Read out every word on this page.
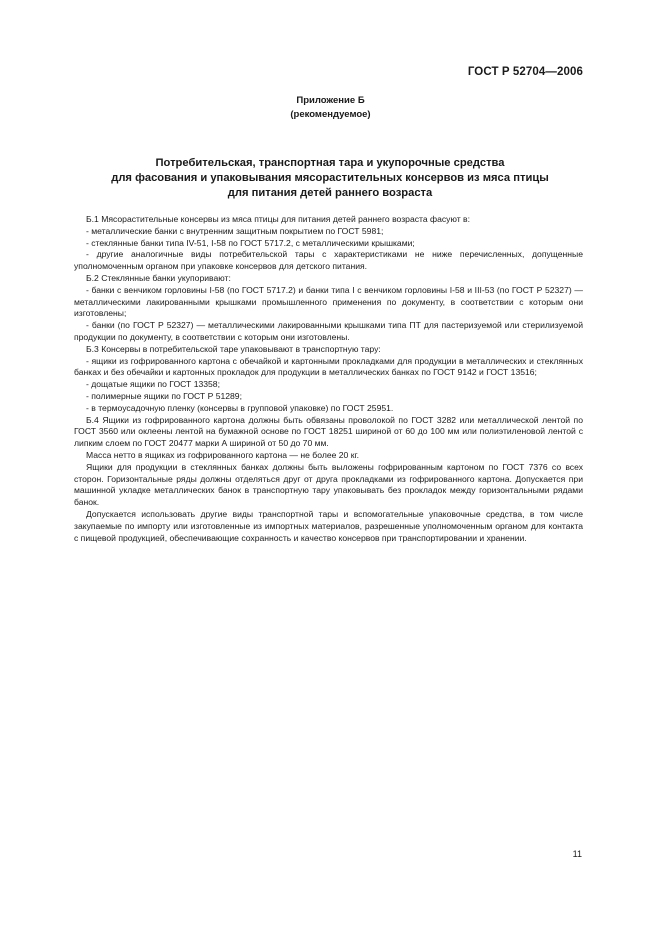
ГОСТ Р 52704—2006
Приложение Б
(рекомендуемое)
Потребительская, транспортная тара и укупорочные средства
для фасования и упаковывания мясорастительных консервов из мяса птицы
для питания детей раннего возраста

Б.1 Мясорастительные консервы из мяса птицы для питания детей раннего возраста фасуют в:

- металлические банки с внутренним защитным покрытием по ГОСТ 5981;

- стеклянные банки типа IV-51, I-58 по ГОСТ 5717.2, с металлическими крышками;

- другие аналогичные виды потребительской тары с характеристиками не ниже перечисленных, допущенные уполномоченным органом при упаковке консервов для детского питания.

Б.2 Стеклянные банки укупоривают:

- банки с венчиком горловины I-58 (по ГОСТ 5717.2) и банки типа I с венчиком горловины I-58 и III-53 (по ГОСТ Р 52327) — металлическими лакированными крышками промышленного применения по документу, в соответствии с которым они изготовлены;

- банки (по ГОСТ Р 52327) — металлическими лакированными крышками типа ПТ для пастеризуемой или стерилизуемой продукции по документу, в соответствии с которым они изготовлены.

Б.3 Консервы в потребительской таре упаковывают в транспортную тару:

- ящики из гофрированного картона с обечайкой и картонными прокладками для продукции в металлических и стеклянных банках и без обечайки и картонных прокладок для продукции в металлических банках по ГОСТ 9142 и ГОСТ 13516;

- дощатые ящики по ГОСТ 13358;

- полимерные ящики по ГОСТ Р 51289;

- в термоусадочную пленку (консервы в групповой упаковке) по ГОСТ 25951.

Б.4 Ящики из гофрированного картона должны быть обвязаны проволокой по ГОСТ 3282 или металлической лентой по ГОСТ 3560 или оклеены лентой на бумажной основе по ГОСТ 18251 шириной от 60 до 100 мм или полиэтиленовой лентой с липким слоем по ГОСТ 20477 марки А шириной от 50 до 70 мм.

Масса нетто в ящиках из гофрированного картона — не более 20 кг.

Ящики для продукции в стеклянных банках должны быть выложены гофрированным картоном по ГОСТ 7376 со всех сторон. Горизонтальные ряды должны отделяться друг от друга прокладками из гофрированного картона. Допускается при машинной укладке металлических банок в транспортную тару упаковывать без прокладок между горизонтальными рядами банок.

Допускается использовать другие виды транспортной тары и вспомогательные упаковочные средства, в том числе закупаемые по импорту или изготовленные из импортных материалов, разрешенные уполномоченным органом для контакта с пищевой продукцией, обеспечивающие сохранность и качество консервов при транспортировании и хранении.

11
